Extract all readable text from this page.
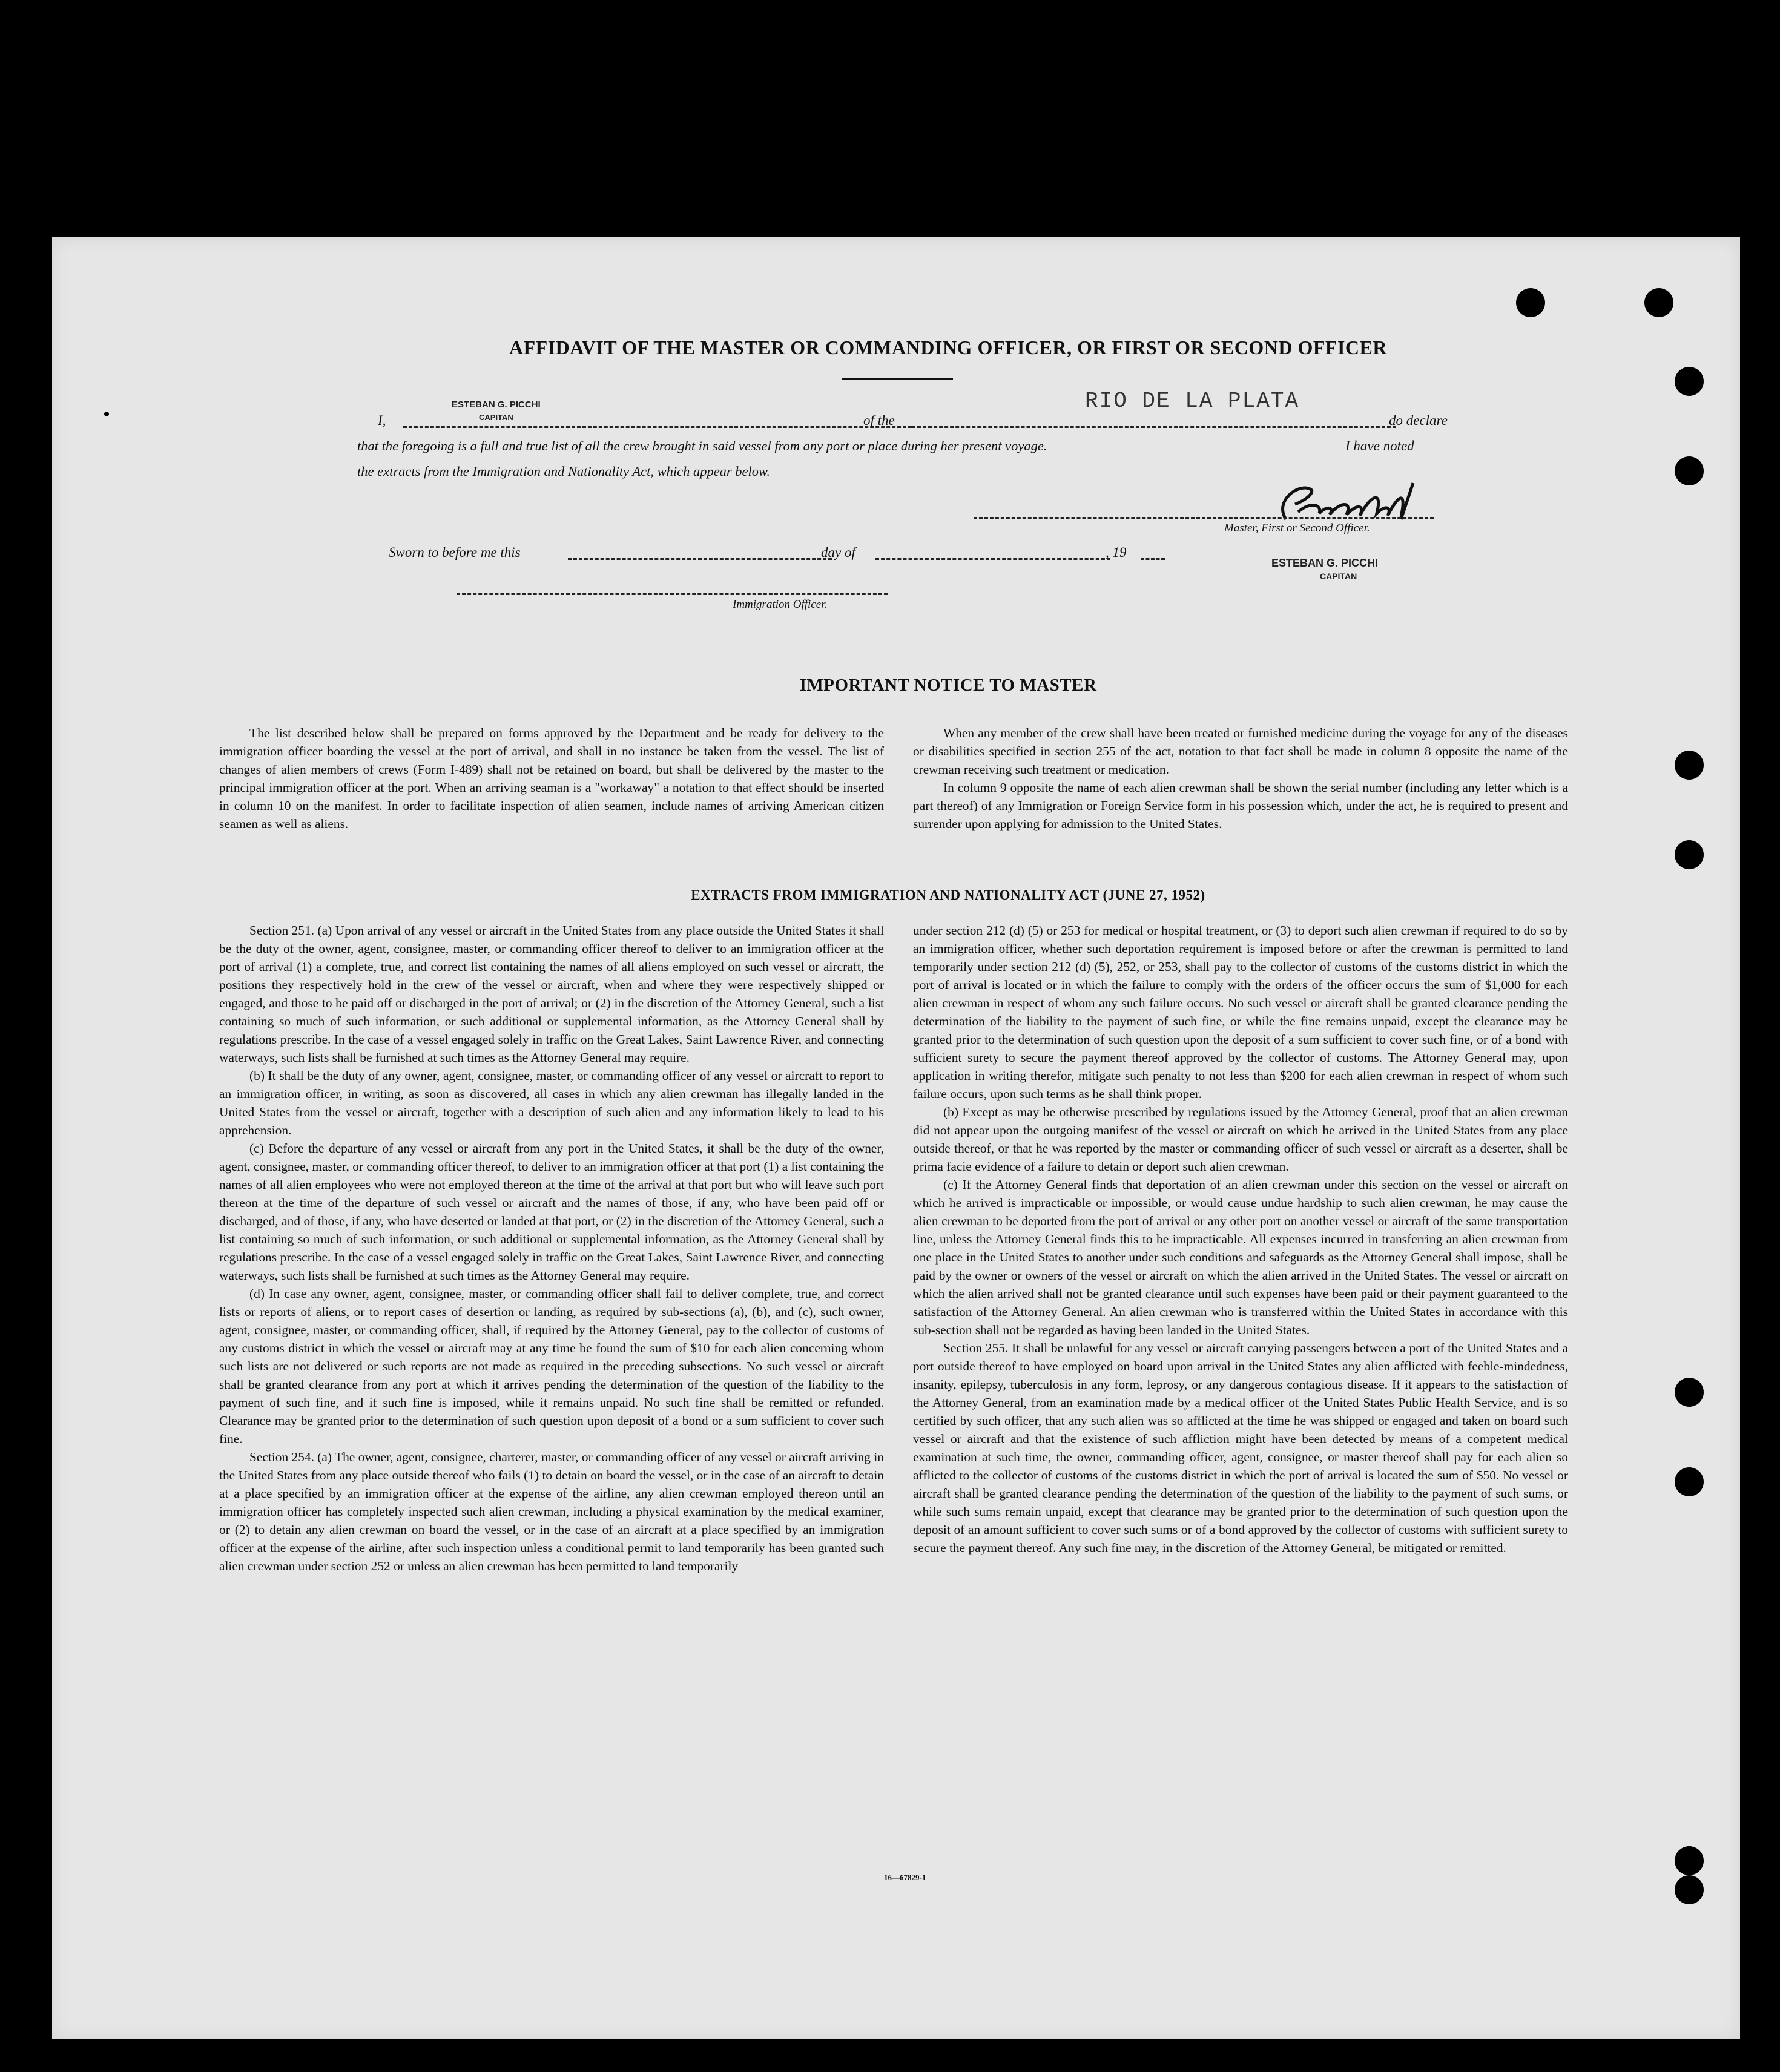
AFFIDAVIT OF THE MASTER OR COMMANDING OFFICER, OR FIRST OR SECOND OFFICER
I,
ESTEBAN G. PICCHI
CAPITAN	of the
RIO DE LA PLATA
do declare
that the foregoing is a full and true list of all the crew brought in said vessel from any port or place during her present voyage.	I have noted
the extracts from the Immigration and Nationality Act, which appear below.
Master, First or Second Officer.
Sworn to before me this	day of	, 19
ESTEBAN G. PICCHI
CAPITAN
Immigration Officer.
IMPORTANT NOTICE TO MASTER

The list described below shall be prepared on forms approved by the Department and be ready for delivery to the immigration officer boarding the vessel at the port of arrival, and shall in no instance be taken from the vessel. The list of changes of alien members of crews (Form I-489) shall not be retained on board, but shall be delivered by the master to the principal immigration officer at the port. When an arriving seaman is a "workaway" a notation to that effect should be inserted in column 10 on the manifest. In order to facilitate inspection of alien seamen, include names of arriving American citizen seamen as well as aliens.

When any member of the crew shall have been treated or furnished medicine during the voyage for any of the diseases or disabilities specified in section 255 of the act, notation to that fact shall be made in column 8 opposite the name of the crewman receiving such treatment or medication.

In column 9 opposite the name of each alien crewman shall be shown the serial number (including any letter which is a part thereof) of any Immigration or Foreign Service form in his possession which, under the act, he is required to present and surrender upon applying for admission to the United States.

EXTRACTS FROM IMMIGRATION AND NATIONALITY ACT (JUNE 27, 1952)

Section 251. (a) Upon arrival of any vessel or aircraft in the United States from any place outside the United States it shall be the duty of the owner, agent, consignee, master, or commanding officer thereof to deliver to an immigration officer at the port of arrival (1) a complete, true, and correct list containing the names of all aliens employed on such vessel or aircraft, the positions they respectively hold in the crew of the vessel or aircraft, when and where they were respectively shipped or engaged, and those to be paid off or discharged in the port of arrival; or (2) in the discretion of the Attorney General, such a list containing so much of such information, or such additional or supplemental information, as the Attorney General shall by regulations prescribe. In the case of a vessel engaged solely in traffic on the Great Lakes, Saint Lawrence River, and connecting waterways, such lists shall be furnished at such times as the Attorney General may require.

(b) It shall be the duty of any owner, agent, consignee, master, or commanding officer of any vessel or aircraft to report to an immigration officer, in writing, as soon as discovered, all cases in which any alien crewman has illegally landed in the United States from the vessel or aircraft, together with a description of such alien and any information likely to lead to his apprehension.

(c) Before the departure of any vessel or aircraft from any port in the United States, it shall be the duty of the owner, agent, consignee, master, or commanding officer thereof, to deliver to an immigration officer at that port (1) a list containing the names of all alien employees who were not employed thereon at the time of the arrival at that port but who will leave such port thereon at the time of the departure of such vessel or aircraft and the names of those, if any, who have been paid off or discharged, and of those, if any, who have deserted or landed at that port, or (2) in the discretion of the Attorney General, such a list containing so much of such information, or such additional or supplemental information, as the Attorney General shall by regulations prescribe. In the case of a vessel engaged solely in traffic on the Great Lakes, Saint Lawrence River, and connecting waterways, such lists shall be furnished at such times as the Attorney General may require.

(d) In case any owner, agent, consignee, master, or commanding officer shall fail to deliver complete, true, and correct lists or reports of aliens, or to report cases of desertion or landing, as required by sub-sections (a), (b), and (c), such owner, agent, consignee, master, or commanding officer, shall, if required by the Attorney General, pay to the collector of customs of any customs district in which the vessel or aircraft may at any time be found the sum of $10 for each alien concerning whom such lists are not delivered or such reports are not made as required in the preceding subsections. No such vessel or aircraft shall be granted clearance from any port at which it arrives pending the determination of the question of the liability to the payment of such fine, and if such fine is imposed, while it remains unpaid. No such fine shall be remitted or refunded. Clearance may be granted prior to the determination of such question upon deposit of a bond or a sum sufficient to cover such fine.

Section 254. (a) The owner, agent, consignee, charterer, master, or commanding officer of any vessel or aircraft arriving in the United States from any place outside thereof who fails (1) to detain on board the vessel, or in the case of an aircraft to detain at a place specified by an immigration officer at the expense of the airline, any alien crewman employed thereon until an immigration officer has completely inspected such alien crewman, including a physical examination by the medical examiner, or (2) to detain any alien crewman on board the vessel, or in the case of an aircraft at a place specified by an immigration officer at the expense of the airline, after such inspection unless a conditional permit to land temporarily has been granted such alien crewman under section 252 or unless an alien crewman has been permitted to land temporarily

under section 212 (d) (5) or 253 for medical or hospital treatment, or (3) to deport such alien crewman if required to do so by an immigration officer, whether such deportation requirement is imposed before or after the crewman is permitted to land temporarily under section 212 (d) (5), 252, or 253, shall pay to the collector of customs of the customs district in which the port of arrival is located or in which the failure to comply with the orders of the officer occurs the sum of $1,000 for each alien crewman in respect of whom any such failure occurs. No such vessel or aircraft shall be granted clearance pending the determination of the liability to the payment of such fine, or while the fine remains unpaid, except the clearance may be granted prior to the determination of such question upon the deposit of a sum sufficient to cover such fine, or of a bond with sufficient surety to secure the payment thereof approved by the collector of customs. The Attorney General may, upon application in writing therefor, mitigate such penalty to not less than $200 for each alien crewman in respect of whom such failure occurs, upon such terms as he shall think proper.

(b) Except as may be otherwise prescribed by regulations issued by the Attorney General, proof that an alien crewman did not appear upon the outgoing manifest of the vessel or aircraft on which he arrived in the United States from any place outside thereof, or that he was reported by the master or commanding officer of such vessel or aircraft as a deserter, shall be prima facie evidence of a failure to detain or deport such alien crewman.

(c) If the Attorney General finds that deportation of an alien crewman under this section on the vessel or aircraft on which he arrived is impracticable or impossible, or would cause undue hardship to such alien crewman, he may cause the alien crewman to be deported from the port of arrival or any other port on another vessel or aircraft of the same transportation line, unless the Attorney General finds this to be impracticable. All expenses incurred in transferring an alien crewman from one place in the United States to another under such conditions and safeguards as the Attorney General shall impose, shall be paid by the owner or owners of the vessel or aircraft on which the alien arrived in the United States. The vessel or aircraft on which the alien arrived shall not be granted clearance until such expenses have been paid or their payment guaranteed to the satisfaction of the Attorney General. An alien crewman who is transferred within the United States in accordance with this sub-section shall not be regarded as having been landed in the United States.

Section 255. It shall be unlawful for any vessel or aircraft carrying passengers between a port of the United States and a port outside thereof to have employed on board upon arrival in the United States any alien afflicted with feeble-mindedness, insanity, epilepsy, tuberculosis in any form, leprosy, or any dangerous contagious disease. If it appears to the satisfaction of the Attorney General, from an examination made by a medical officer of the United States Public Health Service, and is so certified by such officer, that any such alien was so afflicted at the time he was shipped or engaged and taken on board such vessel or aircraft and that the existence of such affliction might have been detected by means of a competent medical examination at such time, the owner, commanding officer, agent, consignee, or master thereof shall pay for each alien so afflicted to the collector of customs of the customs district in which the port of arrival is located the sum of $50. No vessel or aircraft shall be granted clearance pending the determination of the question of the liability to the payment of such sums, or while such sums remain unpaid, except that clearance may be granted prior to the determination of such question upon the deposit of an amount sufficient to cover such sums or of a bond approved by the collector of customs with sufficient surety to secure the payment thereof. Any such fine may, in the discretion of the Attorney General, be mitigated or remitted.

16—67829-1
